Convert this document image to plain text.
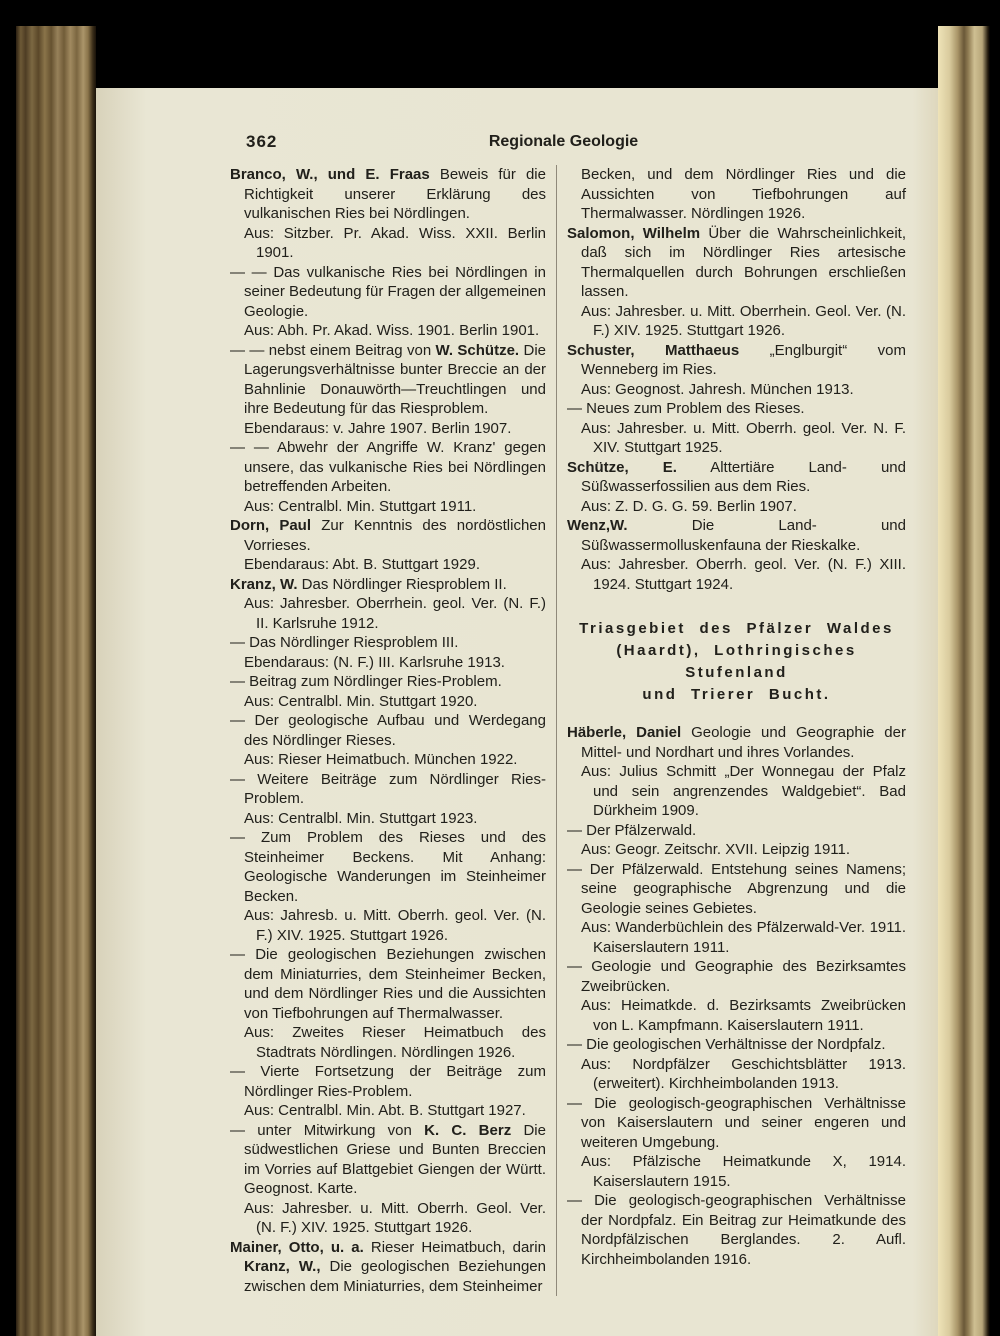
362	Regionale Geologie

Branco, W., und E. Fraas Beweis für die Richtigkeit unserer Erklärung des vulkanischen Ries bei Nördlingen.

Aus: Sitzber. Pr. Akad. Wiss. XXII. Berlin 1901.

— — Das vulkanische Ries bei Nördlingen in seiner Bedeutung für Fragen der allgemeinen Geologie.

Aus: Abh. Pr. Akad. Wiss. 1901. Berlin 1901.

— — nebst einem Beitrag von W. Schütze. Die Lagerungsverhältnisse bunter Breccie an der Bahnlinie Donauwörth—Treuchtlingen und ihre Bedeutung für das Riesproblem.

Ebendaraus: v. Jahre 1907. Berlin 1907.

— — Abwehr der Angriffe W. Kranz' gegen unsere, das vulkanische Ries bei Nördlingen betreffenden Arbeiten.

Aus: Centralbl. Min. Stuttgart 1911.

Dorn, Paul Zur Kenntnis des nordöstlichen Vorrieses.

Ebendaraus: Abt. B. Stuttgart 1929.

Kranz, W. Das Nördlinger Riesproblem II.

Aus: Jahresber. Oberrhein. geol. Ver. (N. F.) II. Karlsruhe 1912.

— Das Nördlinger Riesproblem III.

Ebendaraus: (N. F.) III. Karlsruhe 1913.

— Beitrag zum Nördlinger Ries-Problem.

Aus: Centralbl. Min. Stuttgart 1920.

— Der geologische Aufbau und Werdegang des Nördlinger Rieses.

Aus: Rieser Heimatbuch. München 1922.

— Weitere Beiträge zum Nördlinger Ries-Problem.

Aus: Centralbl. Min. Stuttgart 1923.

— Zum Problem des Rieses und des Steinheimer Beckens. Mit Anhang: Geologische Wanderungen im Steinheimer Becken.

Aus: Jahresb. u. Mitt. Oberrh. geol. Ver. (N. F.) XIV. 1925. Stuttgart 1926.

— Die geologischen Beziehungen zwischen dem Miniaturries, dem Steinheimer Becken, und dem Nördlinger Ries und die Aussichten von Tiefbohrungen auf Thermalwasser.

Aus: Zweites Rieser Heimatbuch des Stadtrats Nördlingen. Nördlingen 1926.

— Vierte Fortsetzung der Beiträge zum Nördlinger Ries-Problem.

Aus: Centralbl. Min. Abt. B. Stuttgart 1927.

— unter Mitwirkung von K. C. Berz Die südwestlichen Griese und Bunten Breccien im Vorries auf Blattgebiet Giengen der Württ. Geognost. Karte.

Aus: Jahresber. u. Mitt. Oberrh. Geol. Ver. (N. F.) XIV. 1925. Stuttgart 1926.

Mainer, Otto, u. a. Rieser Heimatbuch, darin Kranz, W., Die geologischen Beziehungen zwischen dem Miniaturries, dem Steinheimer

Becken, und dem Nördlinger Ries und die Aussichten von Tiefbohrungen auf Thermalwasser. Nördlingen 1926.

Salomon, Wilhelm Über die Wahrscheinlichkeit, daß sich im Nördlinger Ries artesische Thermalquellen durch Bohrungen erschließen lassen.

Aus: Jahresber. u. Mitt. Oberrhein. Geol. Ver. (N. F.) XIV. 1925. Stuttgart 1926.

Schuster, Matthaeus „Englburgit“ vom Wenneberg im Ries.

Aus: Geognost. Jahresh. München 1913.

— Neues zum Problem des Rieses.

Aus: Jahresber. u. Mitt. Oberrh. geol. Ver. N. F. XIV. Stuttgart 1925.

Schütze, E. Alttertiäre Land- und Süßwasserfossilien aus dem Ries.

Aus: Z. D. G. G. 59. Berlin 1907.

Wenz,W. Die Land- und Süßwassermolluskenfauna der Rieskalke.

Aus: Jahresber. Oberrh. geol. Ver. (N. F.) XIII. 1924. Stuttgart 1924.

Triasgebiet des Pfälzer Waldes
(Haardt), Lothringisches Stufenland
und Trierer Bucht.

Häberle, Daniel Geologie und Geographie der Mittel- und Nordhart und ihres Vorlandes.

Aus: Julius Schmitt „Der Wonnegau der Pfalz und sein angrenzendes Waldgebiet“. Bad Dürkheim 1909.

— Der Pfälzerwald.

Aus: Geogr. Zeitschr. XVII. Leipzig 1911.

— Der Pfälzerwald. Entstehung seines Namens; seine geographische Abgrenzung und die Geologie seines Gebietes.

Aus: Wanderbüchlein des Pfälzerwald-Ver. 1911. Kaiserslautern 1911.

— Geologie und Geographie des Bezirksamtes Zweibrücken.

Aus: Heimatkde. d. Bezirksamts Zweibrücken von L. Kampfmann. Kaiserslautern 1911.

— Die geologischen Verhältnisse der Nordpfalz.

Aus: Nordpfälzer Geschichtsblätter 1913. (erweitert). Kirchheimbolanden 1913.

— Die geologisch-geographischen Verhältnisse von Kaiserslautern und seiner engeren und weiteren Umgebung.

Aus: Pfälzische Heimatkunde X, 1914. Kaiserslautern 1915.

— Die geologisch-geographischen Verhältnisse der Nordpfalz. Ein Beitrag zur Heimatkunde des Nordpfälzischen Berglandes. 2. Aufl. Kirchheimbolanden 1916.
